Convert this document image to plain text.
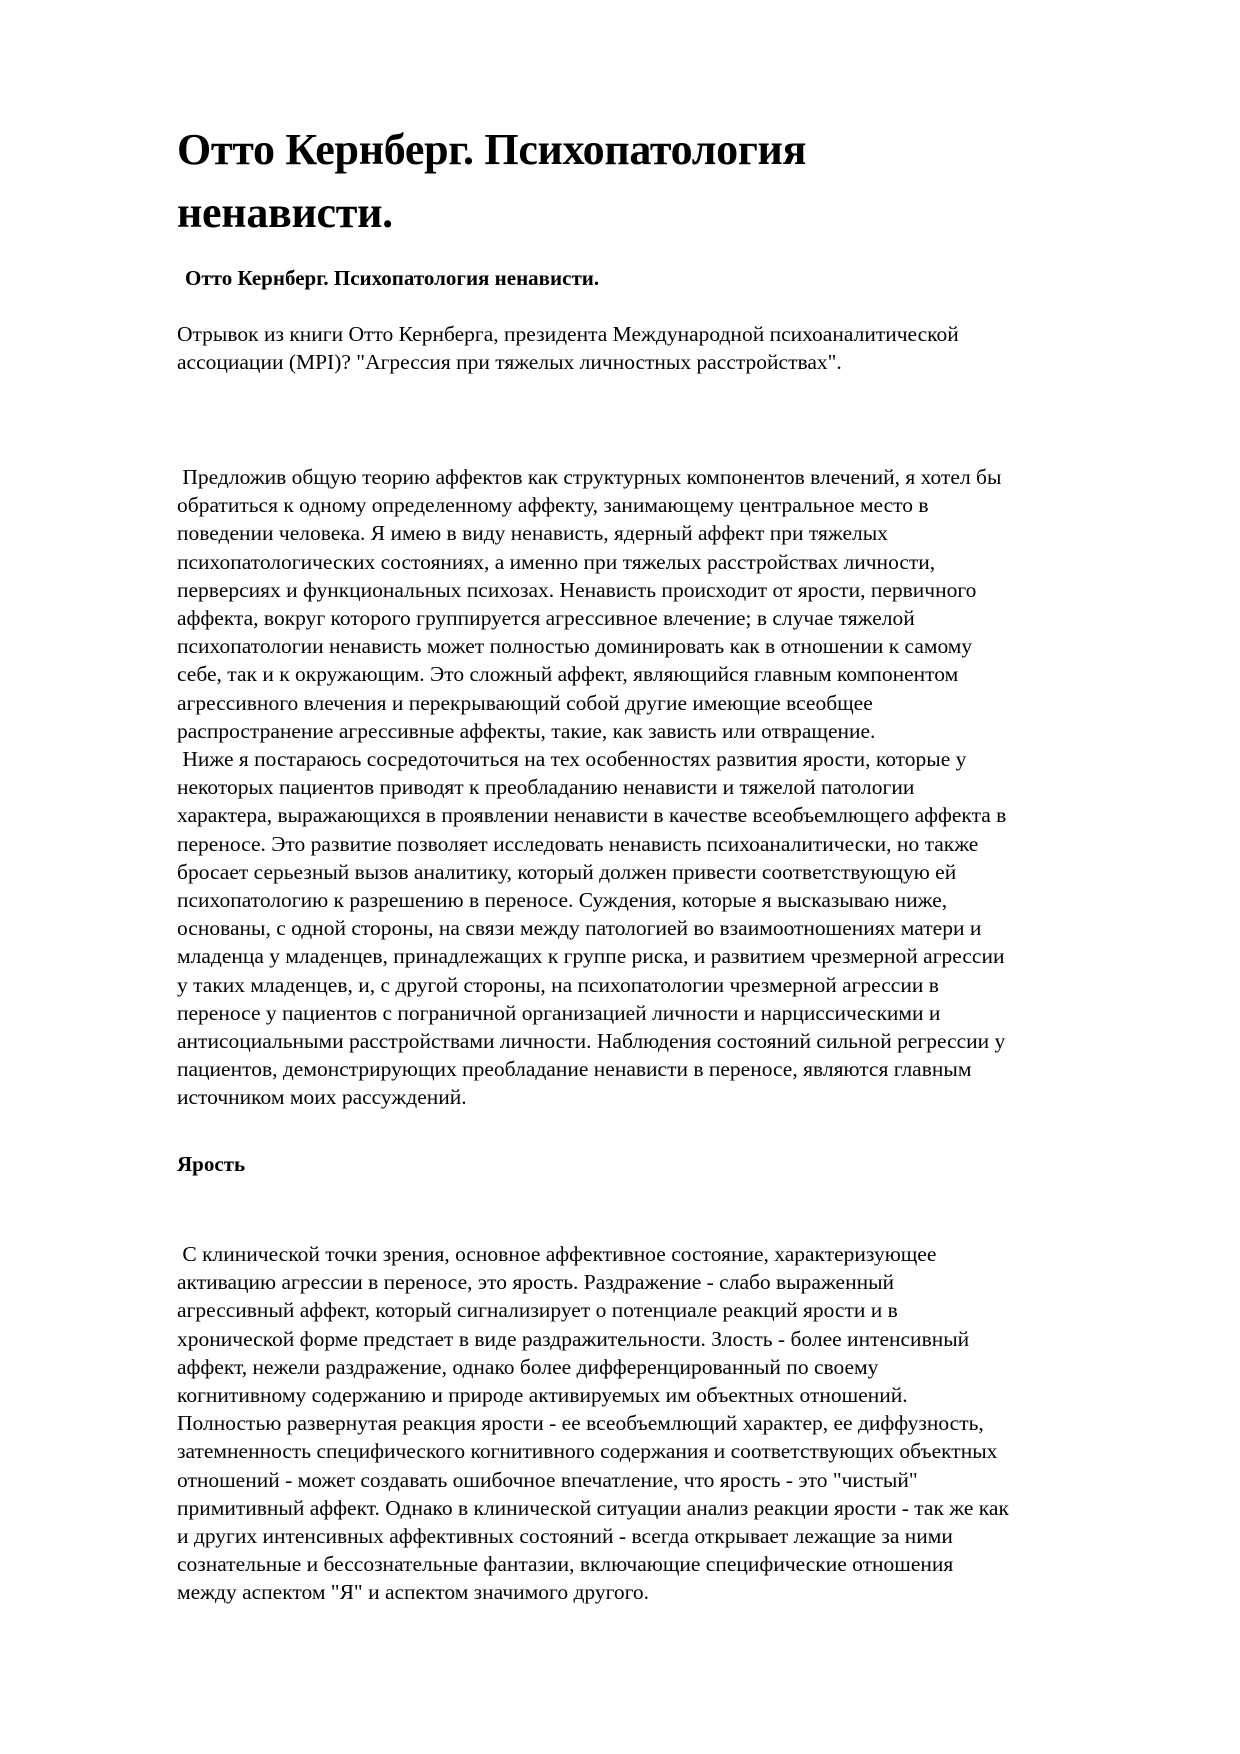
Отто Кернберг. Психопатология
ненависти.
Отто Кернберг. Психопатология ненависти.

Отрывок из книги Отто Кернберга, президента Международной психоаналитической
ассоциации (MPI)? "Агрессия при тяжелых личностных расстройствах".

Предложив общую теорию аффектов как структурных компонентов влечений, я хотел бы
обратиться к одному определенному аффекту, занимающему центральное место в
поведении человека. Я имею в виду ненависть, ядерный аффект при тяжелых
психопатологических состояниях, а именно при тяжелых расстройствах личности,
перверсиях и функциональных психозах. Ненависть происходит от ярости, первичного
аффекта, вокруг которого группируется агрессивное влечение; в случае тяжелой
психопатологии ненависть может полностью доминировать как в отношении к самому
себе, так и к окружающим. Это сложный аффект, являющийся главным компонентом
агрессивного влечения и перекрывающий собой другие имеющие всеобщее
распространение агрессивные аффекты, такие, как зависть или отвращение.
Ниже я постараюсь сосредоточиться на тех особенностях развития ярости, которые у
некоторых пациентов приводят к преобладанию ненависти и тяжелой патологии
характера, выражающихся в проявлении ненависти в качестве всеобъемлющего аффекта в
переносе. Это развитие позволяет исследовать ненависть психоаналитически, но также
бросает серьезный вызов аналитику, который должен привести соответствующую ей
психопатологию к разрешению в переносе. Суждения, которые я высказываю ниже,
основаны, с одной стороны, на связи между патологией во взаимоотношениях матери и
младенца у младенцев, принадлежащих к группе риска, и развитием чрезмерной агрессии
у таких младенцев, и, с другой стороны, на психопатологии чрезмерной агрессии в
переносе у пациентов с пограничной организацией личности и нарциссическими и
антисоциальными расстройствами личности. Наблюдения состояний сильной регрессии у
пациентов, демонстрирующих преобладание ненависти в переносе, являются главным
источником моих рассуждений.
Ярость
С клинической точки зрения, основное аффективное состояние, характеризующее
активацию агрессии в переносе, это ярость. Раздражение - слабо выраженный
агрессивный аффект, который сигнализирует о потенциале реакций ярости и в
хронической форме предстает в виде раздражительности. Злость - более интенсивный
аффект, нежели раздражение, однако более дифференцированный по своему
когнитивному содержанию и природе активируемых им объектных отношений.
Полностью развернутая реакция ярости - ее всеобъемлющий характер, ее диффузность,
затемненность специфического когнитивного содержания и соответствующих объектных
отношений - может создавать ошибочное впечатление, что ярость - это "чистый"
примитивный аффект. Однако в клинической ситуации анализ реакции ярости - так же как
и других интенсивных аффективных состояний - всегда открывает лежащие за ними
сознательные и бессознательные фантазии, включающие специфические отношения
между аспектом "Я" и аспектом значимого другого.
